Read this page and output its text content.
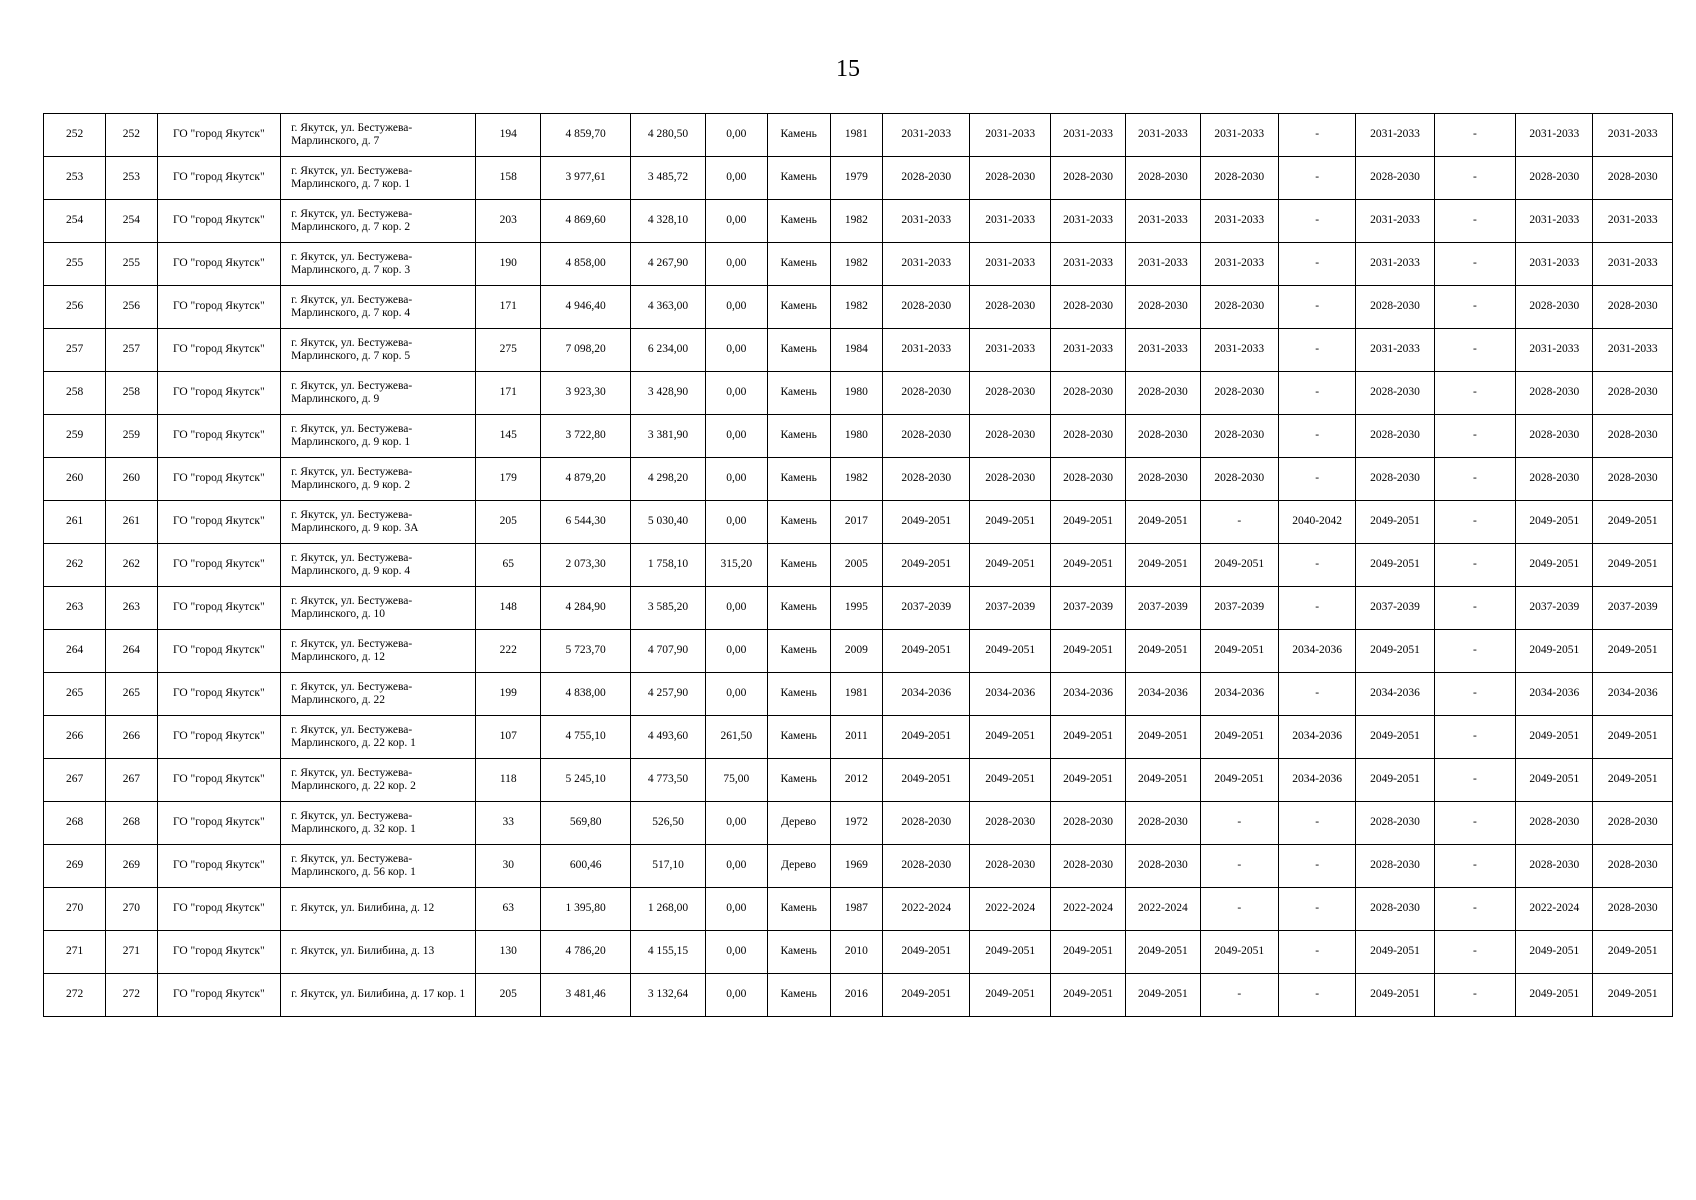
15
252	252	ГО "город Якутск"	г. Якутск, ул. Бестужева-Марлинского, д. 7	194	4 859,70	4 280,50	0,00	Камень	1981	2031-2033	2031-2033	2031-2033	2031-2033	2031-2033	-	2031-2033	-	2031-2033	2031-2033
253	253	ГО "город Якутск"	г. Якутск, ул. Бестужева-Марлинского, д. 7 кор. 1	158	3 977,61	3 485,72	0,00	Камень	1979	2028-2030	2028-2030	2028-2030	2028-2030	2028-2030	-	2028-2030	-	2028-2030	2028-2030
254	254	ГО "город Якутск"	г. Якутск, ул. Бестужева-Марлинского, д. 7 кор. 2	203	4 869,60	4 328,10	0,00	Камень	1982	2031-2033	2031-2033	2031-2033	2031-2033	2031-2033	-	2031-2033	-	2031-2033	2031-2033
255	255	ГО "город Якутск"	г. Якутск, ул. Бестужева-Марлинского, д. 7 кор. 3	190	4 858,00	4 267,90	0,00	Камень	1982	2031-2033	2031-2033	2031-2033	2031-2033	2031-2033	-	2031-2033	-	2031-2033	2031-2033
256	256	ГО "город Якутск"	г. Якутск, ул. Бестужева-Марлинского, д. 7 кор. 4	171	4 946,40	4 363,00	0,00	Камень	1982	2028-2030	2028-2030	2028-2030	2028-2030	2028-2030	-	2028-2030	-	2028-2030	2028-2030
257	257	ГО "город Якутск"	г. Якутск, ул. Бестужева-Марлинского, д. 7 кор. 5	275	7 098,20	6 234,00	0,00	Камень	1984	2031-2033	2031-2033	2031-2033	2031-2033	2031-2033	-	2031-2033	-	2031-2033	2031-2033
258	258	ГО "город Якутск"	г. Якутск, ул. Бестужева-Марлинского, д. 9	171	3 923,30	3 428,90	0,00	Камень	1980	2028-2030	2028-2030	2028-2030	2028-2030	2028-2030	-	2028-2030	-	2028-2030	2028-2030
259	259	ГО "город Якутск"	г. Якутск, ул. Бестужева-Марлинского, д. 9 кор. 1	145	3 722,80	3 381,90	0,00	Камень	1980	2028-2030	2028-2030	2028-2030	2028-2030	2028-2030	-	2028-2030	-	2028-2030	2028-2030
260	260	ГО "город Якутск"	г. Якутск, ул. Бестужева-Марлинского, д. 9 кор. 2	179	4 879,20	4 298,20	0,00	Камень	1982	2028-2030	2028-2030	2028-2030	2028-2030	2028-2030	-	2028-2030	-	2028-2030	2028-2030
261	261	ГО "город Якутск"	г. Якутск, ул. Бестужева-Марлинского, д. 9 кор. 3А	205	6 544,30	5 030,40	0,00	Камень	2017	2049-2051	2049-2051	2049-2051	2049-2051	-	2040-2042	2049-2051	-	2049-2051	2049-2051
262	262	ГО "город Якутск"	г. Якутск, ул. Бестужева-Марлинского, д. 9 кор. 4	65	2 073,30	1 758,10	315,20	Камень	2005	2049-2051	2049-2051	2049-2051	2049-2051	2049-2051	-	2049-2051	-	2049-2051	2049-2051
263	263	ГО "город Якутск"	г. Якутск, ул. Бестужева-Марлинского, д. 10	148	4 284,90	3 585,20	0,00	Камень	1995	2037-2039	2037-2039	2037-2039	2037-2039	2037-2039	-	2037-2039	-	2037-2039	2037-2039
264	264	ГО "город Якутск"	г. Якутск, ул. Бестужева-Марлинского, д. 12	222	5 723,70	4 707,90	0,00	Камень	2009	2049-2051	2049-2051	2049-2051	2049-2051	2049-2051	2034-2036	2049-2051	-	2049-2051	2049-2051
265	265	ГО "город Якутск"	г. Якутск, ул. Бестужева-Марлинского, д. 22	199	4 838,00	4 257,90	0,00	Камень	1981	2034-2036	2034-2036	2034-2036	2034-2036	2034-2036	-	2034-2036	-	2034-2036	2034-2036
266	266	ГО "город Якутск"	г. Якутск, ул. Бестужева-Марлинского, д. 22 кор. 1	107	4 755,10	4 493,60	261,50	Камень	2011	2049-2051	2049-2051	2049-2051	2049-2051	2049-2051	2034-2036	2049-2051	-	2049-2051	2049-2051
267	267	ГО "город Якутск"	г. Якутск, ул. Бестужева-Марлинского, д. 22 кор. 2	118	5 245,10	4 773,50	75,00	Камень	2012	2049-2051	2049-2051	2049-2051	2049-2051	2049-2051	2034-2036	2049-2051	-	2049-2051	2049-2051
268	268	ГО "город Якутск"	г. Якутск, ул. Бестужева-Марлинского, д. 32 кор. 1	33	569,80	526,50	0,00	Дерево	1972	2028-2030	2028-2030	2028-2030	2028-2030	-	-	2028-2030	-	2028-2030	2028-2030
269	269	ГО "город Якутск"	г. Якутск, ул. Бестужева-Марлинского, д. 56 кор. 1	30	600,46	517,10	0,00	Дерево	1969	2028-2030	2028-2030	2028-2030	2028-2030	-	-	2028-2030	-	2028-2030	2028-2030
270	270	ГО "город Якутск"	г. Якутск, ул. Билибина, д. 12	63	1 395,80	1 268,00	0,00	Камень	1987	2022-2024	2022-2024	2022-2024	2022-2024	-	-	2028-2030	-	2022-2024	2028-2030
271	271	ГО "город Якутск"	г. Якутск, ул. Билибина, д. 13	130	4 786,20	4 155,15	0,00	Камень	2010	2049-2051	2049-2051	2049-2051	2049-2051	2049-2051	-	2049-2051	-	2049-2051	2049-2051
272	272	ГО "город Якутск"	г. Якутск, ул. Билибина, д. 17 кор. 1	205	3 481,46	3 132,64	0,00	Камень	2016	2049-2051	2049-2051	2049-2051	2049-2051	-	-	2049-2051	-	2049-2051	2049-2051
